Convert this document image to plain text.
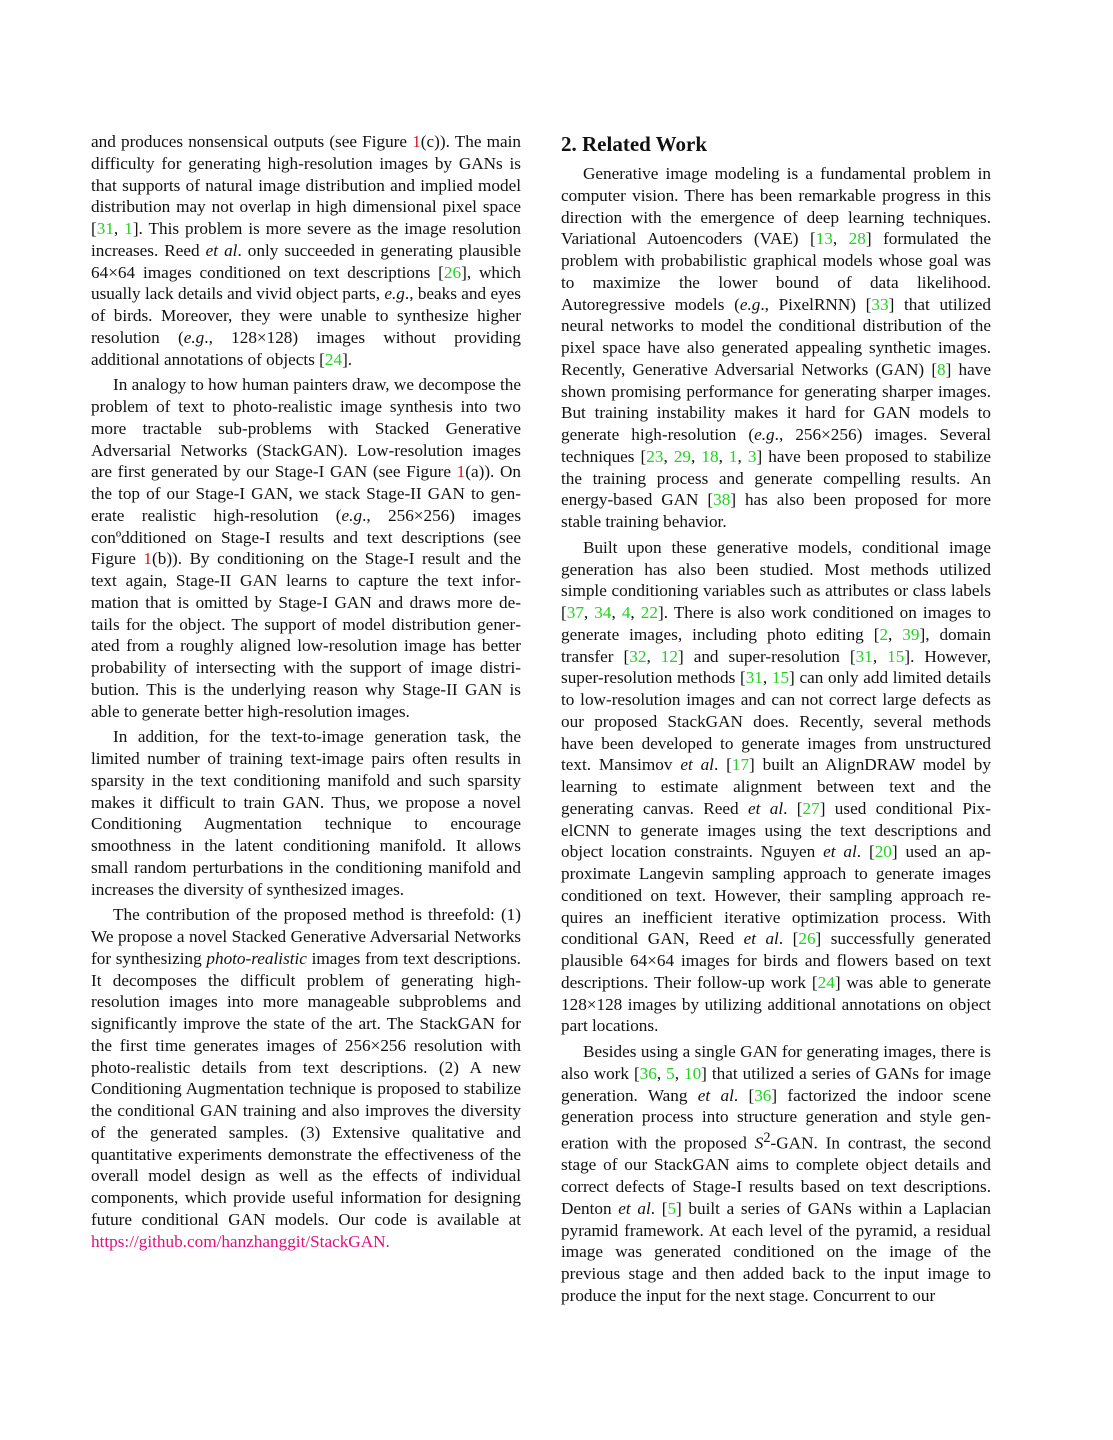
and produces nonsensical outputs (see Figure 1(c)). The main difficulty for generating high-resolution images by GANs is that supports of natural image distribution and implied model distribution may not overlap in high dimensional pixel space [31, 1]. This problem is more severe as the image resolution increases. Reed et al. only succeeded in generating plausible 64×64 images conditioned on text descriptions [26], which usually lack details and vivid object parts, e.g., beaks and eyes of birds. Moreover, they were unable to synthesize higher resolution (e.g., 128×128) images without providing additional annotations of objects [24].

In analogy to how human painters draw, we decompose the problem of text to photo-realistic image synthesis into two more tractable sub-problems with Stacked Generative Adversarial Networks (StackGAN). Low-resolution images are first generated by our Stage-I GAN (see Figure 1(a)). On the top of our Stage-I GAN, we stack Stage-II GAN to generate realistic high-resolution (e.g., 256×256) images conºdditioned on Stage-I results and text descriptions (see Figure 1(b)). By conditioning on the Stage-I result and the text again, Stage-II GAN learns to capture the text information that is omitted by Stage-I GAN and draws more details for the object. The support of model distribution generated from a roughly aligned low-resolution image has better probability of intersecting with the support of image distribution. This is the underlying reason why Stage-II GAN is able to generate better high-resolution images.

In addition, for the text-to-image generation task, the limited number of training text-image pairs often results in sparsity in the text conditioning manifold and such sparsity makes it difficult to train GAN. Thus, we propose a novel Conditioning Augmentation technique to encourage smoothness in the latent conditioning manifold. It allows small random perturbations in the conditioning manifold and increases the diversity of synthesized images.

The contribution of the proposed method is threefold: (1) We propose a novel Stacked Generative Adversarial Networks for synthesizing photo-realistic images from text descriptions. It decomposes the difficult problem of generating high-resolution images into more manageable subproblems and significantly improve the state of the art. The StackGAN for the first time generates images of 256×256 resolution with photo-realistic details from text descriptions. (2) A new Conditioning Augmentation technique is proposed to stabilize the conditional GAN training and also improves the diversity of the generated samples. (3) Extensive qualitative and quantitative experiments demonstrate the effectiveness of the overall model design as well as the effects of individual components, which provide useful information for designing future conditional GAN models. Our code is available at https://github.com/hanzhanggit/StackGAN.

2. Related Work

Generative image modeling is a fundamental problem in computer vision. There has been remarkable progress in this direction with the emergence of deep learning techniques. Variational Autoencoders (VAE) [13, 28] formulated the problem with probabilistic graphical models whose goal was to maximize the lower bound of data likelihood. Autoregressive models (e.g., PixelRNN) [33] that utilized neural networks to model the conditional distribution of the pixel space have also generated appealing synthetic images. Recently, Generative Adversarial Networks (GAN) [8] have shown promising performance for generating sharper images. But training instability makes it hard for GAN models to generate high-resolution (e.g., 256×256) images. Several techniques [23, 29, 18, 1, 3] have been proposed to stabilize the training process and generate compelling results. An energy-based GAN [38] has also been proposed for more stable training behavior.

Built upon these generative models, conditional image generation has also been studied. Most methods utilized simple conditioning variables such as attributes or class labels [37, 34, 4, 22]. There is also work conditioned on images to generate images, including photo editing [2, 39], domain transfer [32, 12] and super-resolution [31, 15]. However, super-resolution methods [31, 15] can only add limited details to low-resolution images and can not correct large defects as our proposed StackGAN does. Recently, several methods have been developed to generate images from unstructured text. Mansimov et al. [17] built an AlignDRAW model by learning to estimate alignment between text and the generating canvas. Reed et al. [27] used conditional PixelCNN to generate images using the text descriptions and object location constraints. Nguyen et al. [20] used an approximate Langevin sampling approach to generate images conditioned on text. However, their sampling approach requires an inefficient iterative optimization process. With conditional GAN, Reed et al. [26] successfully generated plausible 64×64 images for birds and flowers based on text descriptions. Their follow-up work [24] was able to generate 128×128 images by utilizing additional annotations on object part locations.

Besides using a single GAN for generating images, there is also work [36, 5, 10] that utilized a series of GANs for image generation. Wang et al. [36] factorized the indoor scene generation process into structure generation and style generation with the proposed $S^2$-GAN. In contrast, the second stage of our StackGAN aims to complete object details and correct defects of Stage-I results based on text descriptions. Denton et al. [5] built a series of GANs within a Laplacian pyramid framework. At each level of the pyramid, a residual image was generated conditioned on the image of the previous stage and then added back to the input image to produce the input for the next stage. Concurrent to our
